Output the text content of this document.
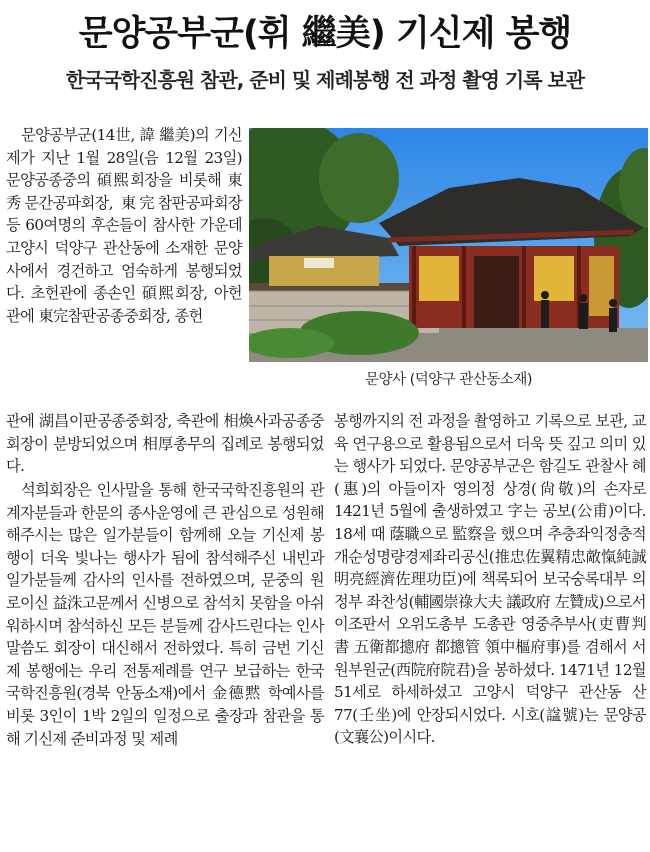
문양공부군(휘 繼美) 기신제 봉행
한국국학진흥원 참관, 준비 및 제례봉행 전 과정 촬영 기록 보관

문양공부군(14世, 諱 繼美)의 기신제가 지난 1월 28일(음 12월 23일) 문양공종중의 碩熙회장을 비롯해 東秀문간공파회장, 東完참판공파회장 등 60여명의 후손들이 참사한 가운데 고양시 덕양구 관산동에 소재한 문양사에서 경건하고 엄숙하게 봉행되었다. 초헌관에 종손인 碩熙회장, 아헌관에 東完참판공종중회장, 종헌

문양사 (덕양구 관산동소재)

관에 湖昌이판공종중회장, 축관에 相煥사과공종중회장이 분방되었으며 相厚총무의 집례로 봉행되었다.

석희회장은 인사말을 통해 한국국학진흥원의 관계자분들과 한문의 종사운영에 큰 관심으로 성원해 해주시는 많은 일가분들이 함께해 오늘 기신제 봉행이 더욱 빛나는 행사가 됨에 참석해주신 내빈과 일가분들께 감사의 인사를 전하였으며, 문중의 원로이신 益洙고문께서 신병으로 참석치 못함을 아쉬워하시며 참석하신 모든 분들께 감사드린다는 인사말씀도 회장이 대신해서 전하였다. 특히 금번 기신제 봉행에는 우리 전통제례를 연구 보급하는 한국국학진흥원(경북 안동소재)에서 金德黙 학예사를 비롯 3인이 1박 2일의 일정으로 출장과 참관을 통해 기신제 준비과정 및 제례

봉행까지의 전 과정을 촬영하고 기록으로 보관, 교육 연구용으로 활용됨으로서 더욱 뜻 깊고 의미 있는 행사가 되었다. 문양공부군은 함길도 관찰사 혜(惠)의 아들이자 영의정 상경(尙敬)의 손자로 1421년 5월에 출생하였고 字는 공보(公甫)이다. 18세 때 蔭職으로 監察을 했으며 추충좌익정충적개순성명량경제좌리공신(推忠佐翼精忠敵愾純誠明亮經濟佐理功臣)에 책록되어 보국숭록대부 의정부 좌찬성(輔國崇祿大夫 議政府 左贊成)으로서 이조판서 오위도총부 도총관 영중추부사(吏曹判書 五衛都摠府 都摠管 領中樞府事)를 겸해서 서원부원군(西院府院君)을 봉하셨다. 1471년 12월 51세로 하세하셨고 고양시 덕양구 관산동 산77(壬坐)에 안장되시었다. 시호(諡號)는 문양공(文襄公)이시다.
